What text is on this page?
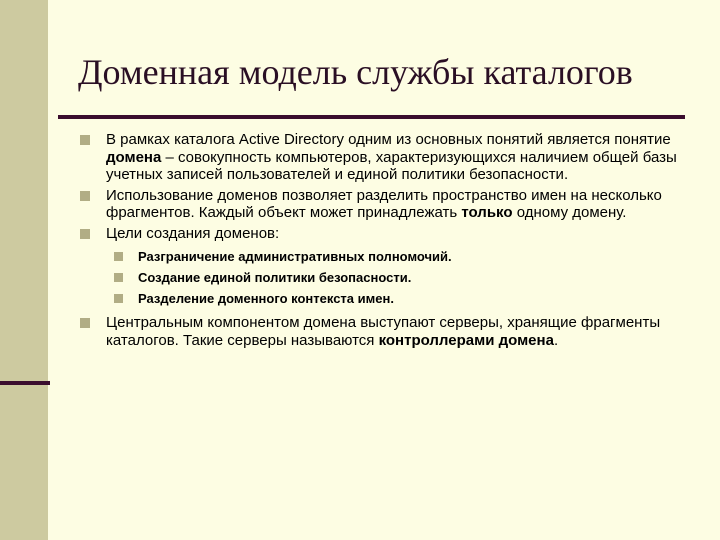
Доменная модель службы каталогов
В рамках каталога Active Directory одним из основных понятий является понятие домена – совокупность компьютеров, характеризующихся наличием общей базы учетных записей пользователей и единой политики безопасности.
Использование доменов позволяет разделить пространство имен на несколько фрагментов. Каждый объект может принадлежать только одному домену.
Цели создания доменов:
Разграничение административных полномочий.
Создание единой политики безопасности.
Разделение доменного контекста имен.
Центральным компонентом домена выступают серверы, хранящие фрагменты каталогов. Такие серверы называются контроллерами домена.
